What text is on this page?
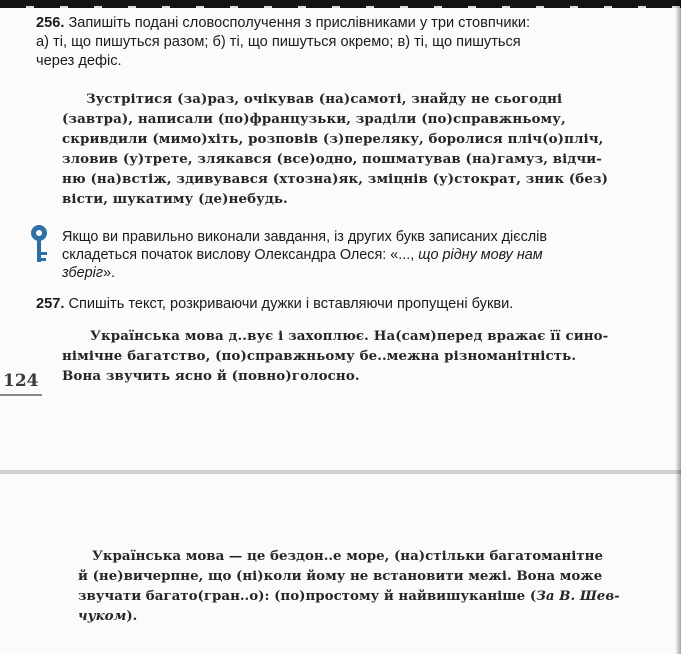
256. Запишіть подані словосполучення з прислівниками у три стовпчики:
а) ті, що пишуться разом; б) ті, що пишуться окремо; в) ті, що пишуться
через дефіс.
Зустрітися (за)раз, очікував (на)самоті, знайду не сьогодні
(завтра), написали (по)французьки, зраділи (по)справжньому,
скривдили (мимо)хіть, розповів (з)переляку, боролися пліч(о)пліч,
зловив (у)трете, злякався (все)одно, пошматував (на)гамуз, відчи-
ню (на)встіж, здивувався (хтозна)як, зміцнів (у)стократ, зник (без)
вісти, шукатиму (де)небудь.
Якщо ви правильно виконали завдання, із других букв записаних дієслів
складеться початок вислову Олександра Олеся: «..., що рідну мову нам
зберіг».
257. Спишіть текст, розкриваючи дужки і вставляючи пропущені букви.
Українська мова д..вує і захоплює. На(сам)перед вражає її сино-
німічне багатство, (по)справжньому бе..межна різноманітність.
Вона звучить ясно й (повно)голосно.
124
Українська мова — це бездон..е море, (на)стільки багатоманітне
й (не)вичерпне, що (ні)коли йому не встановити межі. Вона може
звучати багато(гран..о): (по)простому й найвишуканіше (За В. Шев-
чуком).
